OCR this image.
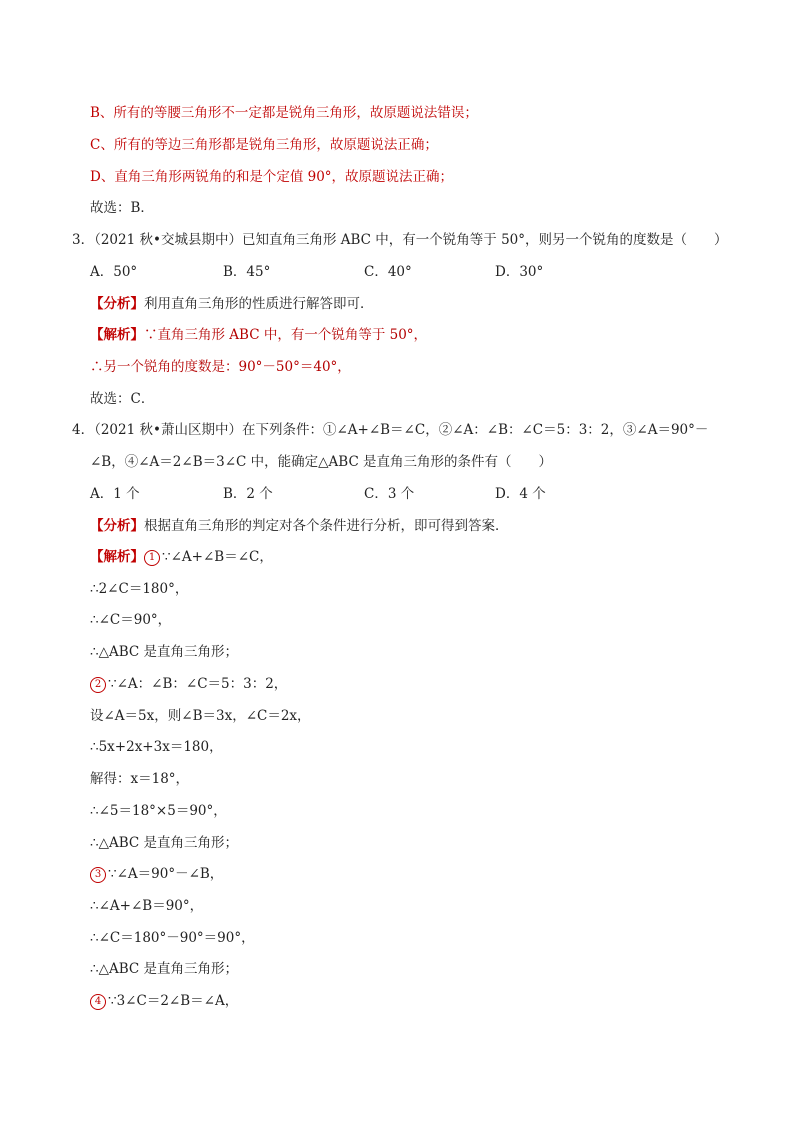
B、所有的等腰三角形不一定都是锐角三角形，故原题说法错误；
C、所有的等边三角形都是锐角三角形，故原题说法正确；
D、直角三角形两锐角的和是个定值 90°，故原题说法正确；
故选：B．
3．（2021 秋•交城县期中）已知直角三角形 ABC 中，有一个锐角等于 50°，则另一个锐角的度数是（　　）
A．50°	B．45°	C．40°	D．30°
【分析】利用直角三角形的性质进行解答即可．
【解析】∵直角三角形 ABC 中，有一个锐角等于 50°，
∴另一个锐角的度数是：90°－50°＝40°，
故选：C．
4．（2021 秋•萧山区期中）在下列条件：①∠A+∠B＝∠C，②∠A：∠B：∠C＝5：3：2，③∠A＝90°－
∠B，④∠A＝2∠B＝3∠C 中，能确定△ABC 是直角三角形的条件有（　　）
A．1 个	B．2 个	C．3 个	D．4 个
【分析】根据直角三角形的判定对各个条件进行分析，即可得到答案．
【解析】 1 ∵∠A+∠B＝∠C，
∴2∠C＝180°，
∴∠C＝90°，
∴△ABC 是直角三角形；
2 ∵∠A：∠B：∠C＝5：3：2，
设∠A＝5x，则∠B＝3x，∠C＝2x，
∴5x+2x+3x＝180，
解得：x＝18°，
∴∠5＝18°×5＝90°，
∴△ABC 是直角三角形；
3 ∵∠A＝90°－∠B，
∴∠A+∠B＝90°，
∴∠C＝180°－90°＝90°，
∴△ABC 是直角三角形；
4 ∵3∠C＝2∠B＝∠A，
